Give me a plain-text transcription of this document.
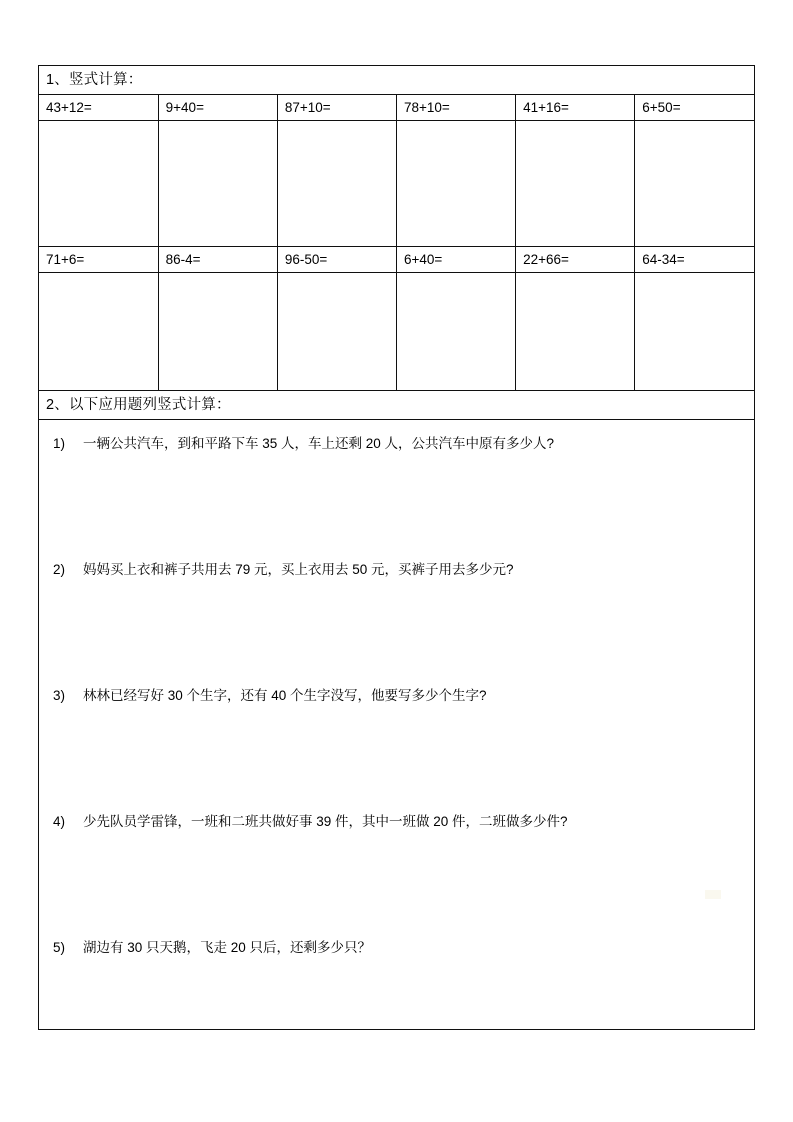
1、竖式计算：					
43+12=	9+40=	87+10=	78+10=	41+16=	6+50=

71+6=	86-4=	96-50=	6+40=	22+66=	64-34=

2、以下应用题列竖式计算：					

1)	一辆公共汽车，到和平路下车 35 人，车上还剩 20 人，公共汽车中原有多少人?
2)	妈妈买上衣和裤子共用去 79 元，买上衣用去 50 元，买裤子用去多少元?
3)	林林已经写好 30 个生字，还有 40 个生字没写，他要写多少个生字?
4)	少先队员学雷锋，一班和二班共做好事 39 件，其中一班做 20 件，二班做多少件?
5)	湖边有 30 只天鹅，飞走 20 只后，还剩多少只？
